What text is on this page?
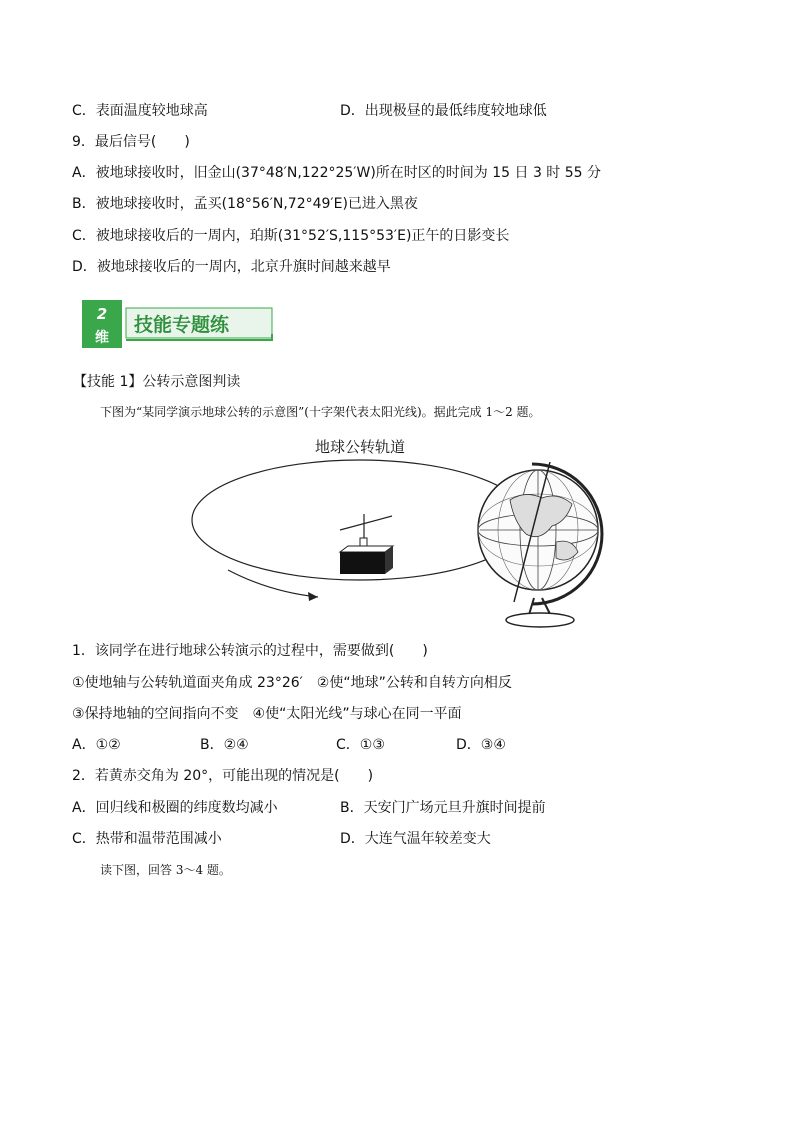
C．表面温度较地球高	D．出现极昼的最低纬度较地球低
9．最后信号(　　)
A．被地球接收时，旧金山(37°48′N,122°25′W)所在时区的时间为 15 日 3 时 55 分
B．被地球接收时，孟买(18°56′N,72°49′E)已进入黑夜
C．被地球接收后的一周内，珀斯(31°52′S,115°53′E)正午的日影变长
D．被地球接收后的一周内，北京升旗时间越来越早
2
维
技能专题练
【技能 1】公转示意图判读
下图为“某同学演示地球公转的示意图”(十字架代表太阳光线)。据此完成 1～2 题。
地球公转轨道
1．该同学在进行地球公转演示的过程中，需要做到(　　)
①使地轴与公转轨道面夹角成 23°26′　②使“地球”公转和自转方向相反
③保持地轴的空间指向不变　④使“太阳光线”与球心在同一平面
A．①②	B．②④	C．①③	D．③④
2．若黄赤交角为 20°，可能出现的情况是(　　)
A．回归线和极圈的纬度数均减小	B．天安门广场元旦升旗时间提前
C．热带和温带范围减小	D．大连气温年较差变大
读下图，回答 3～4 题。
